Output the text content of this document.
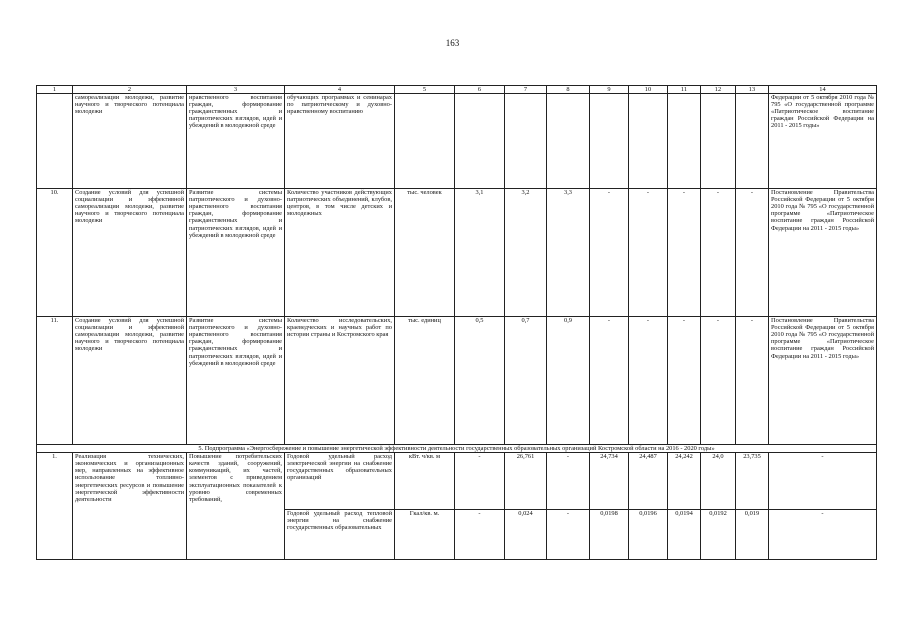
163
1	2	3	4	5	6	7	8	9	10	11	12	13	14
	самореализации молодежи, развитие научного и творческого потенциала молодежи	нравственного воспитания граждан, формирование гражданственных и патриотических взглядов, идей и убеждений в молодежной среде	обучающих программах и семинарах по патриотическому и духовно-нравственному воспитанию										Федерации от 5 октября 2010 года № 795 «О государственной программе «Патриотическое воспитание граждан Российской Федерации на 2011 - 2015 годы»
10.	Создание условий для успешной социализации и эффективной самореализации молодежи, развитие научного и творческого потенциала молодежи	Развитие системы патриотического и духовно-нравственного воспитания граждан, формирование гражданственных и патриотических взглядов, идей и убеждений в молодежной среде	Количество участников действующих патриотических объединений, клубов, центров, в том числе детских и молодежных	тыс. человек	3,1	3,2	3,3	-	-	-	-	-	Постановление Правительства Российской Федерации от 5 октября 2010 года № 795 «О государственной программе «Патриотическое воспитание граждан Российской Федерации на 2011 - 2015 годы»
11.	Создание условий для успешной социализации и эффективной самореализации молодежи, развитие научного и творческого потенциала молодежи	Развитие системы патриотического и духовно-нравственного воспитания граждан, формирование гражданственных и патриотических взглядов, идей и убеждений в молодежной среде	Количество исследовательских, краеведческих и научных работ по истории страны и Костромского края	тыс. единиц	0,5	0,7	0,9	-	-	-	-	-	Постановление Правительства Российской Федерации от 5 октября 2010 года № 795 «О государственной программе «Патриотическое воспитание граждан Российской Федерации на 2011 - 2015 годы»
5. Подпрограмма «Энергосбережение и повышение энергетической эффективности деятельности государственных образовательных организаций Костромской области на 2016 - 2020 годы»													
1.	Реализация технических, экономических и организационных мер, направленных на эффективное использование топливно-энергетических ресурсов и повышение энергетической эффективности деятельности	Повышение потребительских качеств зданий, сооружений, коммуникаций, их частей, элементов с приведением эксплуатационных показателей к уровню современных требований,	Годовой удельный расход электрической энергии на снабжение государственных образовательных организаций	кВт. ч/кв. м	-	26,761	-	24,734	24,487	24,242	24,0	23,735	-
			Годовой удельный расход тепловой энергии на снабжение государственных образовательных	Гкал/кв. м.	-	0,024	-	0,0198	0,0196	0,0194	0,0192	0,019	-
